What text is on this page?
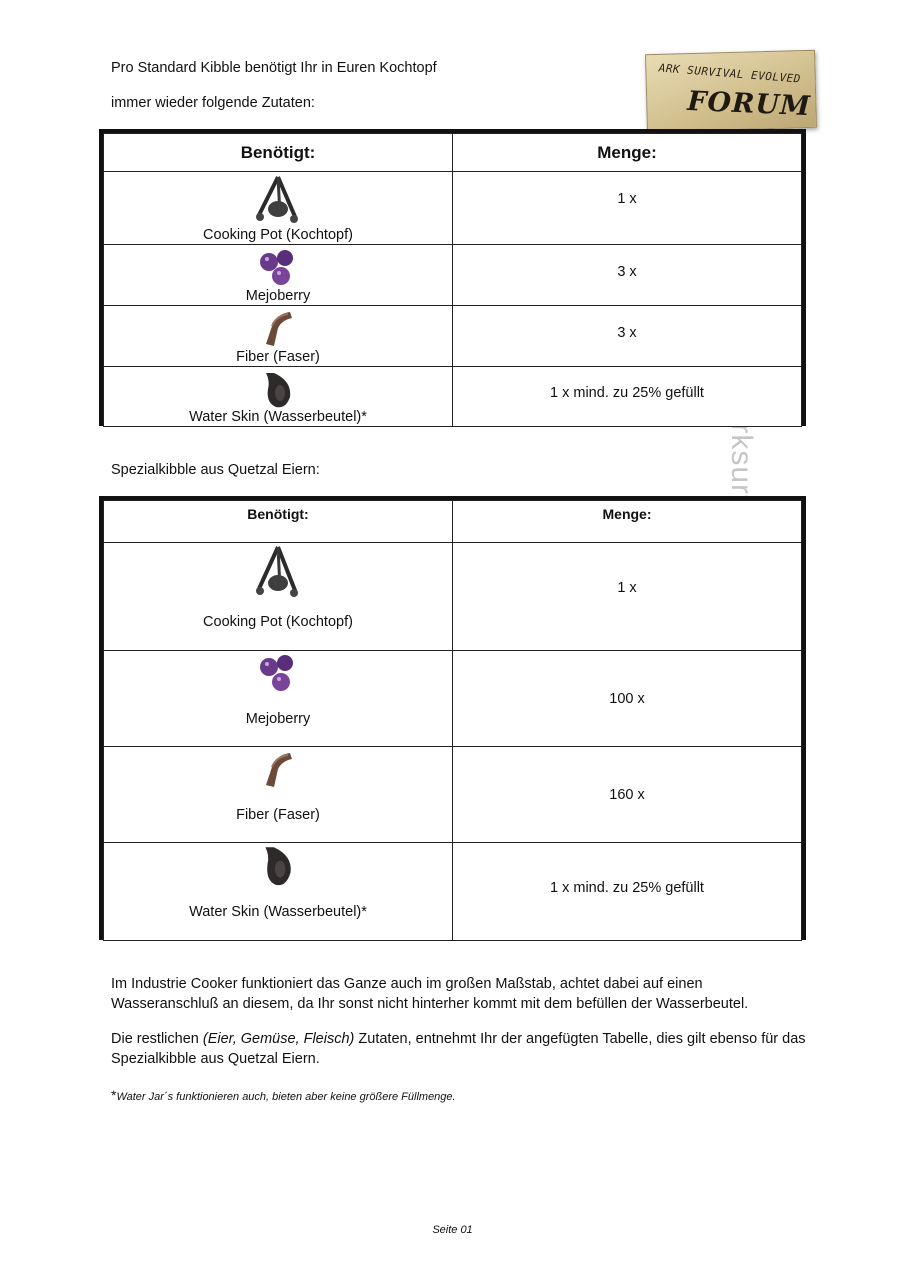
Pro Standard Kibble benötigt Ihr in Euren Kochtopf
immer wieder folgende Zutaten:
ARK SURVIVAL EVOLVED
FORUM
Benötigt:	Menge:

Cooking Pot (Kochtopf)	1 x

Mejoberry	3 x

Fiber (Faser)	3 x

Water Skin (Wasserbeutel)*	1 x mind. zu 25% gefüllt
Spezialkibble aus Quetzal Eiern:
Benötigt:	Menge:

Cooking Pot (Kochtopf)	1 x

Mejoberry	100 x

Fiber (Faser)	160 x

Water Skin (Wasserbeutel)*	1 x mind. zu 25% gefüllt
Im Industrie Cooker funktioniert das Ganze auch im großen Maßstab, achtet dabei auf einen Wasseranschluß an diesem, da Ihr sonst nicht hinterher kommt mit dem befüllen der Wasserbeutel.
Die restlichen (Eier, Gemüse, Fleisch) Zutaten, entnehmt Ihr der angefügten Tabelle, dies gilt ebenso für das Spezialkibble aus Quetzal Eiern.
*Water Jar´s funktionieren auch, bieten aber keine größere Füllmenge.
Seite 01
